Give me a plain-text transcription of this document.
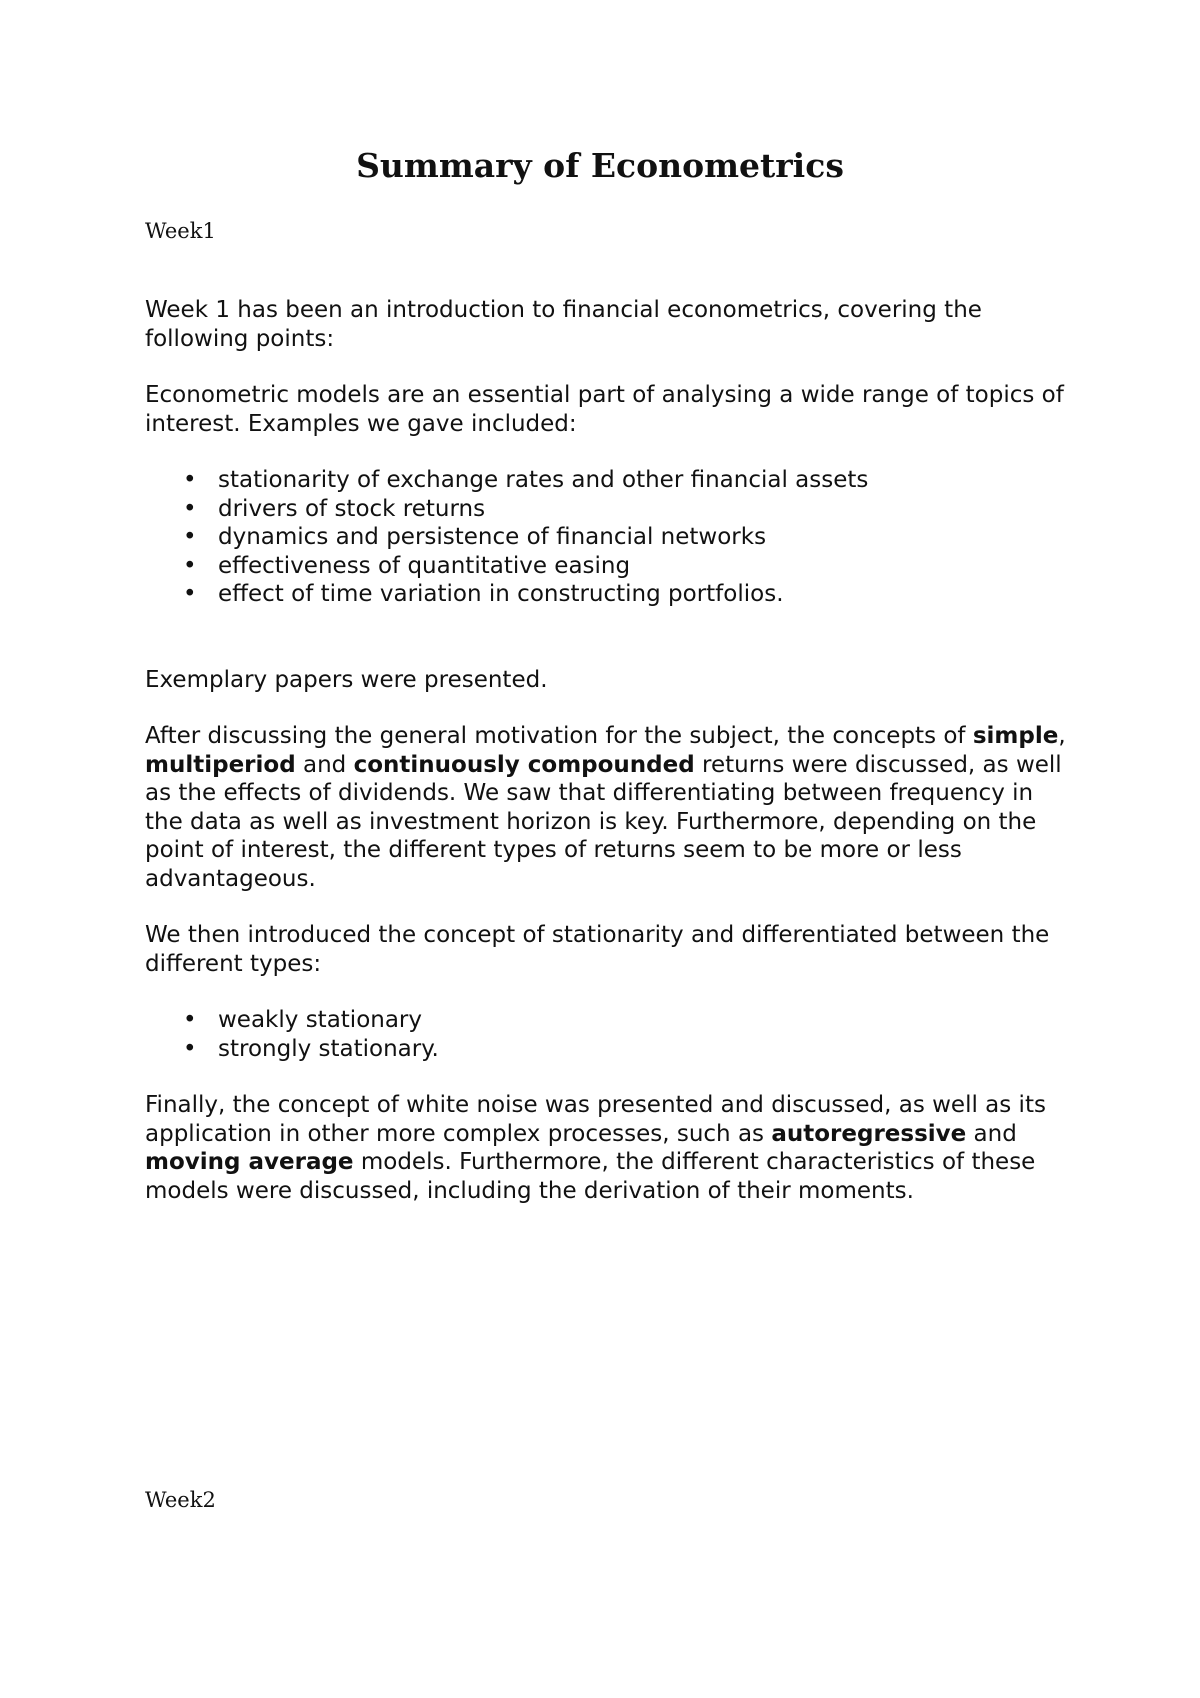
Summary of Econometrics
Week1

Week 1 has been an introduction to financial econometrics, covering the following points:

Econometric models are an essential part of analysing a wide range of topics of interest. Examples we gave included:

• stationarity of exchange rates and other financial assets
• drivers of stock returns
• dynamics and persistence of financial networks
• effectiveness of quantitative easing
• effect of time variation in constructing portfolios.

Exemplary papers were presented.

After discussing the general motivation for the subject, the concepts of simple, multiperiod and continuously compounded returns were discussed, as well as the effects of dividends. We saw that differentiating between frequency in the data as well as investment horizon is key. Furthermore, depending on the point of interest, the different types of returns seem to be more or less advantageous.

We then introduced the concept of stationarity and differentiated between the different types:

• weakly stationary
• strongly stationary.

Finally, the concept of white noise was presented and discussed, as well as its application in other more complex processes, such as autoregressive and moving average models. Furthermore, the different characteristics of these models were discussed, including the derivation of their moments.

Week2
